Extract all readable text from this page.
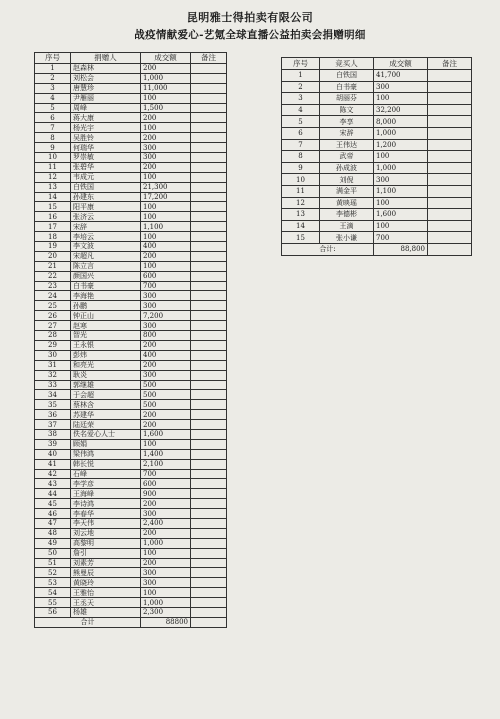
昆明雅士得拍卖有限公司
战疫情献爱心-艺氪全球直播公益拍卖会捐赠明细
序号	捐赠人	成交额	备注
1	赵森林	200	
2	刘松会	1,000	
3	唐慧珍	11,000	
4	尹雁丽	100	
5	周峰	1,500	
6	蒋大康	200	
7	杨光宇	100	
8	吴胜铃	200	
9	何瑞华	300	
10	罗崇敏	300	
11	张碧华	200	
12	韦成元	100	
13	白铁国	21,300	
14	孙建东	17,200	
15	阳平康	100	
16	张济云	100	
17	宋辞	1,100	
18	李培云	100	
19	李文波	400	
20	宋超凡	200	
21	陈立言	100	
22	颜国兴	600	
23	白书豪	700	
24	李海艳	300	
25	孙鹏	300	
26	钟正山	7,200	
27	赵寒	300	
28	智光	800	
29	王永银	200	
30	彭炜	400	
31	和亮光	200	
32	耿炎	300	
33	郭继雄	500	
34	于会超	500	
35	蔡林含	500	
36	苏建华	200	
37	陆廷荣	200	
38	佚名爱心人士	1,600	
39	顾娟	100	
40	梁伟鸿	1,400	
41	韩长悦	2,100	
42	石峰	700	
43	李学彦	600	
44	王海峰	900	
45	李诗鸿	200	
46	李春华	300	
47	李天伟	2,400	
48	刘云地	200	
49	高黎明	1,000	
50	詹引	100	
51	刘素芳	200	
52	熊曼辰	300	
53	黄晓玲	300	
54	王雅怡	100	
55	王丞天	1,000	
56	杨雄	2,300	
合计		88800	
序号	竞买人	成交额	备注
1	白铁国	41,700	
2	白书豪	300	
3	胡丽芬	100	
4	陈文	32,200	
5	李享	8,000	
6	宋辞	1,000	
7	王伟达	1,200	
8	武帝	100	
9	孙成波	1,000	
10	刘倪	300	
11	满金平	1,100	
12	黄映瑶	100	
13	李德彬	1,600	
14	王滴	100	
15	张小谦	700	
合计:		88,800	
